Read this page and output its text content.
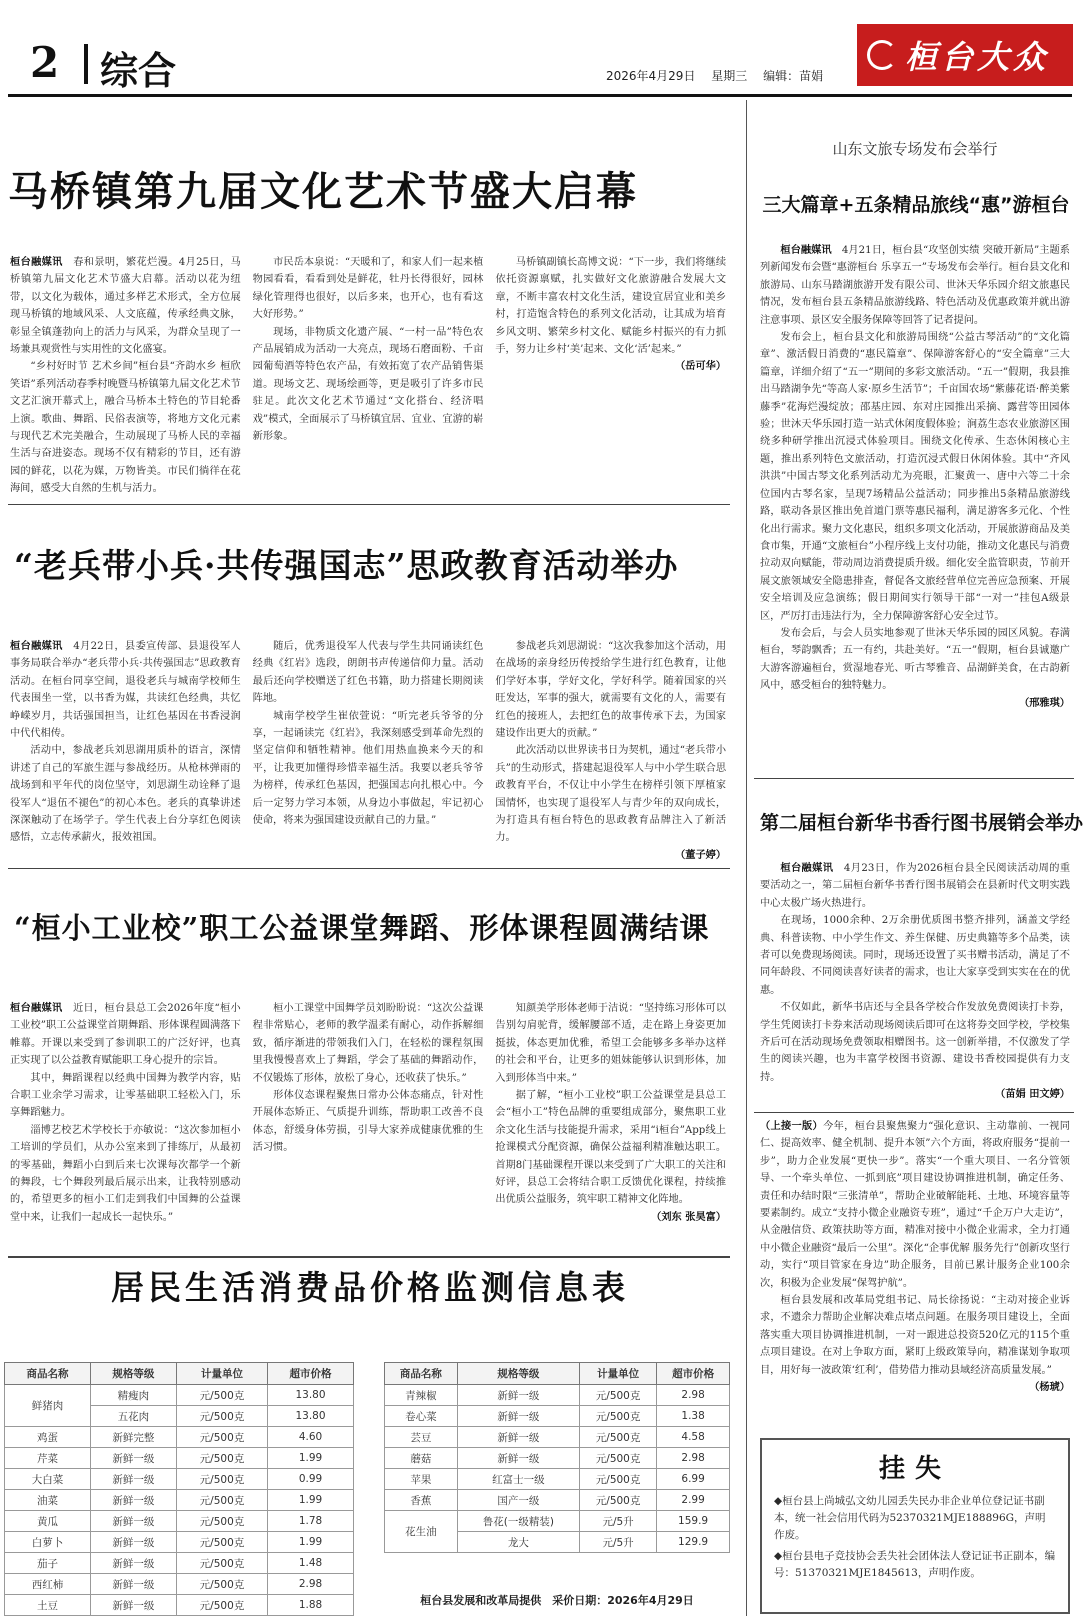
2 综合	2026年4月29日 星期三 编辑：苗娟	桓台大众
马桥镇第九届文化艺术节盛大启幕

桓台融媒讯　 春和景明，繁花烂漫。4月25日，马桥镇第九届文化艺术节盛大启幕。活动以花为纽带，以文化为载体，通过多样艺术形式，全方位展现马桥镇的地域风采、人文底蕴，传承经典文脉，彰显全镇蓬勃向上的活力与风采，为群众呈现了一场兼具观赏性与实用性的文化盛宴。

“乡村好时节 艺术乡间”桓台县“齐韵水乡 桓欣笑语”系列活动春季村晚暨马桥镇第九届文化艺术节文艺汇演开幕式上，融合马桥本土特色的节目轮番上演。歌曲、舞蹈、民俗表演等，将地方文化元素与现代艺术完美融合，生动展现了马桥人民的幸福生活与奋进姿态。现场不仅有精彩的节目，还有游园的鲜花，以花为媒，万物皆美。市民们徜徉在花海间，感受大自然的生机与活力。

市民岳本泉说：“天暖和了，和家人们一起来植物园看看，看看到处是鲜花，牡丹长得很好，园林绿化管理得也很好，以后多来，也开心，也有看这大好形势。”

现场，非物质文化遗产展、“一村一品”特色农产品展销成为活动一大亮点，现场石磨面粉、千亩园葡萄酒等特色农产品，有效拓宽了农产品销售渠道。现场文艺、现场绘画等，更是吸引了许多市民驻足。此次文化艺术节通过“文化搭台、经济唱戏”模式，全面展示了马桥镇宜居、宜业、宜游的崭新形象。

马桥镇副镇长高博文说：“下一步，我们将继续依托资源禀赋，扎实做好文化旅游融合发展大文章，不断丰富农村文化生活，建设宜居宜业和美乡村，打造饱含特色的系列文化活动，让其成为培育乡风文明、繁荣乡村文化、赋能乡村振兴的有力抓手，努力让乡村‘美’起来、文化‘活’起来。”

（岳可华）
“老兵带小兵·共传强国志”思政教育活动举办

桓台融媒讯　 4月22日，县委宣传部、县退役军人事务局联合举办“老兵带小兵·共传强国志”思政教育活动。在桓台同享空间，退役老兵与城南学校师生代表围坐一堂，以书香为媒，共读红色经典，共忆峥嵘岁月，共话强国担当，让红色基因在书香浸润中代代相传。

活动中，参战老兵刘思湖用质朴的语言，深情讲述了自己的军旅生涯与参战经历。从枪林弹雨的战场到和平年代的岗位坚守，刘思湖生动诠释了退役军人“退伍不褪色”的初心本色。老兵的真挚讲述深深触动了在场学子。学生代表上台分享红色阅读感悟，立志传承薪火，报效祖国。

随后，优秀退役军人代表与学生共同诵读红色经典《红岩》选段，朗朗书声传递信仰力量。活动最后还向学校赠送了红色书籍，助力搭建长期阅读阵地。

城南学校学生崔依萱说：“听完老兵爷爷的分享，一起诵读完《红岩》，我深刻感受到革命先烈的坚定信仰和牺牲精神。他们用热血换来今天的和平，让我更加懂得珍惜幸福生活。我要以老兵爷爷为榜样，传承红色基因，把强国志向扎根心中。今后一定努力学习本领，从身边小事做起，牢记初心使命，将来为强国建设贡献自己的力量。”

参战老兵刘思湖说：“这次我参加这个活动，用在战场的亲身经历传授给学生进行红色教育，让他们学好本事，学好文化，学好科学。随着国家的兴旺发达，军事的强大，就需要有文化的人，需要有红色的接班人，去把红色的故事传承下去，为国家建设作出更大的贡献。”

此次活动以世界读书日为契机，通过“老兵带小兵”的生动形式，搭建起退役军人与中小学生联合思政教育平台，不仅让中小学生在榜样引领下厚植家国情怀，也实现了退役军人与青少年的双向成长，为打造具有桓台特色的思政教育品牌注入了新活力。

（董子婷）
“桓小工业校”职工公益课堂舞蹈、形体课程圆满结课

桓台融媒讯　 近日，桓台县总工会2026年度“桓小工业校”职工公益课堂首期舞蹈、形体课程圆满落下帷幕。开课以来受到了参训职工的广泛好评，也真正实现了以公益教育赋能职工身心提升的宗旨。

其中，舞蹈课程以经典中国舞为教学内容，贴合职工业余学习需求，让零基础职工轻松入门，乐享舞蹈魅力。

淄博艺校艺术学校长于亦敏说：“这次参加桓小工培训的学员们，从办公室来到了排练厅，从最初的零基础，舞蹈小白到后来七次课每次都学一个新的舞段，七个舞段列最后展示出来，让我特别感动的，希望更多的桓小工们走到我们中国舞的公益课堂中来，让我们一起成长一起快乐。”

桓小工课堂中国舞学员刘盼盼说：“这次公益课程非常贴心，老师的教学温柔有耐心，动作拆解细致，循序渐进的带领我们入门，在轻松的课程氛围里我慢慢喜欢上了舞蹈，学会了基础的舞蹈动作，不仅锻炼了形体，放松了身心，还收获了快乐。”

形体仪态课程聚焦日常办公体态痛点，针对性开展体态矫正、气质提升训练，帮助职工改善不良体态，舒缓身体劳损，引导大家养成健康优雅的生活习惯。

知颜美学形体老师于洁说：“坚持练习形体可以告别勾肩驼背，缓解腰部不适，走在路上身姿更加挺拔，体态更加优雅，希望工会能够多多举办这样的社会和平台，让更多的姐妹能够认识到形体，加入到形体当中来。”

据了解，“桓小工业校”职工公益课堂是县总工会“桓小工”特色品牌的重要组成部分，聚焦职工业余文化生活与技能提升需求，采用“i桓台”App线上抢课模式分配资源，确保公益福利精准触达职工。首期8门基础课程开课以来受到了广大职工的关注和好评，县总工会将结合职工反馈优化课程，持续推出优质公益服务，筑牢职工精神文化阵地。

（刘东 张昊富）
居民生活消费品价格监测信息表
商品名称	规格等级	计量单位	超市价格
鲜猪肉	精瘦肉	元/500克	13.80
	五花肉	元/500克	13.80
鸡蛋	新鲜完整	元/500克	4.60
芹菜	新鲜一级	元/500克	1.99
大白菜	新鲜一级	元/500克	0.99
油菜	新鲜一级	元/500克	1.99
黄瓜	新鲜一级	元/500克	1.78
白萝卜	新鲜一级	元/500克	1.99
茄子	新鲜一级	元/500克	1.48
西红柿	新鲜一级	元/500克	2.98
土豆	新鲜一级	元/500克	1.88
商品名称	规格等级	计量单位	超市价格
青辣椒	新鲜一级	元/500克	2.98
卷心菜	新鲜一级	元/500克	1.38
芸豆	新鲜一级	元/500克	4.58
蘑菇	新鲜一级	元/500克	2.98
苹果	红富士一级	元/500克	6.99
香蕉	国产一级	元/500克	2.99
花生油	鲁花(一级精装)	元/5升	159.9
	龙大	元/5升	129.9
桓台县发展和改革局提供　采价日期：2026年4月29日
山东文旅专场发布会举行
三大篇章+五条精品旅线“惠”游桓台

桓台融媒讯　 4月21日，桓台县“攻坚创实绩 突破开新局”主题系列新闻发布会暨“惠游桓台 乐享五一”专场发布会举行。桓台县文化和旅游局、山东马踏湖旅游开发有限公司、世沐天华乐园介绍文旅惠民情况，发布桓台县五条精品旅游线路、特色活动及优惠政策并就出游注意事项、景区安全服务保障等回答了记者提问。

发布会上，桓台县文化和旅游局围绕“公益古琴活动”的“文化篇章”、激活假日消费的“惠民篇章”、保障游客舒心的“安全篇章”三大篇章，详细介绍了“五一”期间的多彩文旅活动。“五一”假期，我县推出马踏湖争先“等高人家·原乡生活节”；千亩国农场“紫藤花语·醉美紫藤季”花海烂漫绽放；邵基庄园、东对庄园推出采摘、露营等田园体验；世沐天华乐园打造一站式休闲度假体验；涧荔生态农业旅游区围绕多种研学推出沉浸式体验项目。围绕文化传承、生态休闲核心主题，推出系列特色文旅活动，打造沉浸式假日休闲体验。其中“齐风洪洪”中国古琴文化系列活动尤为亮眼，汇聚黄一、唐中六等二十余位国内古琴名家，呈现7场精品公益活动；同步推出5条精品旅游线路，联动各景区推出免首道门票等惠民福利，满足游客多元化、个性化出行需求。聚力文化惠民，组织多项文化活动，开展旅游商品及美食市集，开通“文旅桓台”小程序线上支付功能，推动文化惠民与消费拉动双向赋能，带动周边消费提质升级。细化安全监管职责，节前开展文旅领域安全隐患排查，督促各文旅经营单位完善应急预案、开展安全培训及应急演练；假日期间实行领导干部“一对一”挂包A级景区，严厉打击违法行为，全力保障游客舒心安全过节。

发布会后，与会人员实地参观了世沐天华乐园的园区风貌。春满桓台，琴韵飘香；五一有约，共赴美好。“五一”假期，桓台县诚邀广大游客游遍桓台，赏湿地春光、听古琴雅音、品湖鲜美食，在古韵新风中，感受桓台的独特魅力。

（邢雅琪）
第二届桓台新华书香行图书展销会举办

桓台融媒讯　 4月23日，作为2026桓台县全民阅读活动周的重要活动之一，第二届桓台新华书香行图书展销会在县新时代文明实践中心太极广场火热进行。

在现场，1000余种、2万余册优质图书整齐排列，涵盖文学经典、科普读物、中小学生作文、养生保健、历史典籍等多个品类，读者可以免费现场阅读。同时，现场还设置了买书赠书活动，满足了不同年龄段、不同阅读喜好读者的需求，也让大家享受到实实在在的优惠。

不仅如此，新华书店还与全县各学校合作发放免费阅读打卡券，学生凭阅读打卡券来活动现场阅读后即可在这将券交回学校，学校集齐后可在活动现场免费领取相赠图书。这一创新举措，不仅激发了学生的阅读兴趣，也为丰富学校图书资源、建设书香校园提供有力支持。

（苗娟 田文婷）

（上接一版）今年，桓台县聚焦聚力“强化意识、主动靠前、一视同仁、提高效率、健全机制、提升本领”六个方面，将政府服务“提前一步”，助力企业发展“更快一步”。落实“一个重大项目、一名分管领导、一个牵头单位、一抓到底”项目建设协调推进机制，确定任务、责任和办结时限“三张清单”，帮助企业破解能耗、土地、环境容量等要素制约。成立“支持小微企业融资专班”，通过“千企万户大走访”，从金融信贷、政策扶助等方面，精准对接中小微企业需求，全力打通中小微企业融资“最后一公里”。深化“企事优解 服务先行”创新攻坚行动，实行“项目管家在身边”助企服务，目前已累计服务企业100余次，积极为企业发展“保驾护航”。

桓台县发展和改革局党组书记、局长徐扬说：“主动对接企业诉求，不遗余力帮助企业解决难点堵点问题。在服务项目建设上，全面落实重大项目协调推进机制，一对一跟进总投资520亿元的115个重点项目建设。在对上争取方面，紧盯上级政策导向，精准谋划争取项目，用好每一波政策‘红利’，借势借力推动县域经济高质量发展。”

（杨琥）
挂失

◆桓台县上尚城弘文幼儿园丢失民办非企业单位登记证书副本，统一社会信用代码为52370321MJE188896G，声明作废。

◆桓台县电子竞技协会丢失社会团体法人登记证书正副本，编号：51370321MJE1845613，声明作废。
